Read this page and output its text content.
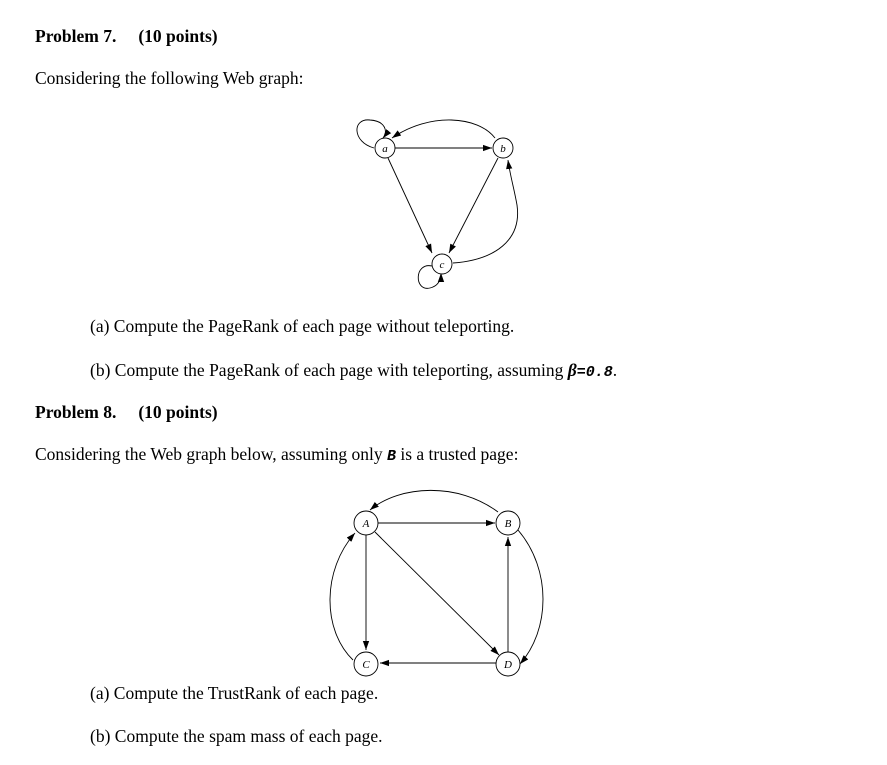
Problem 7. (10 points)
Considering the following Web graph:
a	b
c
A	B
C	D
(a) Compute the PageRank of each page without teleporting.
(b) Compute the PageRank of each page with teleporting, assuming β=0.8.
Problem 8. (10 points)
Considering the Web graph below, assuming only B is a trusted page:
(a) Compute the TrustRank of each page.
(b) Compute the spam mass of each page.
